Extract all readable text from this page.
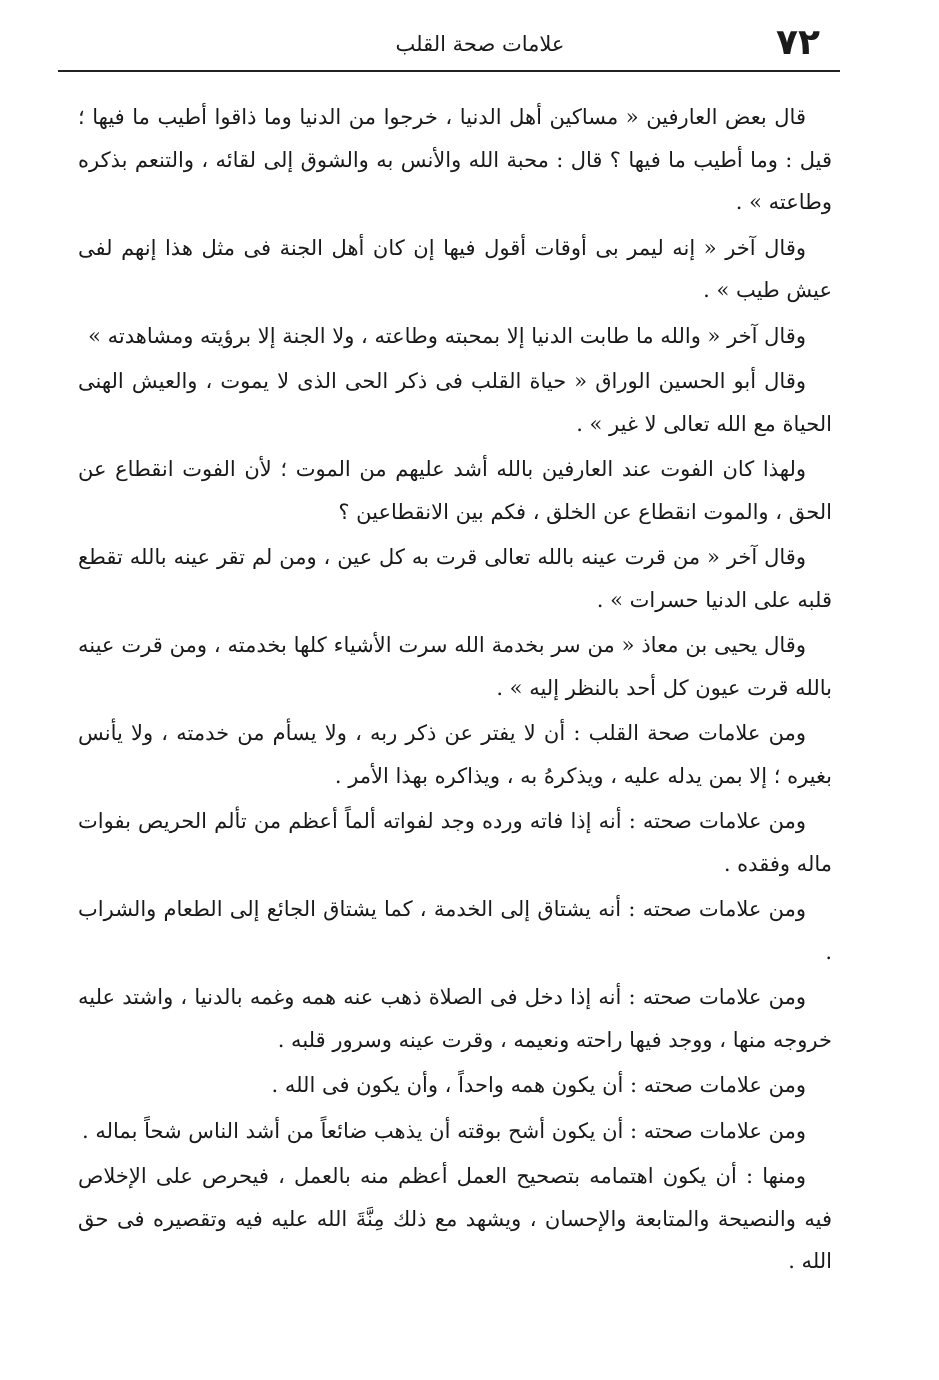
٧٢
علامات صحة القلب

قال بعض العارفين « مساكين أهل الدنيا ، خرجوا من الدنيا وما ذاقوا أطيب ما فيها ؛ قيل : وما أطيب ما فيها ؟ قال : محبة الله والأنس به والشوق إلى لقائه ، والتنعم بذكره وطاعته » .

وقال آخر « إنه ليمر بى أوقات أقول فيها إن كان أهل الجنة فى مثل هذا إنهم لفى عيش طيب » .

وقال آخر « والله ما طابت الدنيا إلا بمحبته وطاعته ، ولا الجنة إلا برؤيته ومشاهدته »

وقال أبو الحسين الوراق « حياة القلب فى ذكر الحى الذى لا يموت ، والعيش الهنى الحياة مع الله تعالى لا غير » .

ولهذا كان الفوت عند العارفين بالله أشد عليهم من الموت ؛ لأن الفوت انقطاع عن الحق ، والموت انقطاع عن الخلق ، فكم بين الانقطاعين ؟

وقال آخر « من قرت عينه بالله تعالى قرت به كل عين ، ومن لم تقر عينه بالله تقطع قلبه على الدنيا حسرات » .

وقال يحيى بن معاذ « من سر بخدمة الله سرت الأشياء كلها بخدمته ، ومن قرت عينه بالله قرت عيون كل أحد بالنظر إليه » .

ومن علامات صحة القلب : أن لا يفتر عن ذكر ربه ، ولا يسأم من خدمته ، ولا يأنس بغيره ؛ إلا بمن يدله عليه ، ويذكرهُ به ، ويذاكره بهذا الأمر .

ومن علامات صحته : أنه إذا فاته ورده وجد لفواته ألماً أعظم من تألم الحريص بفوات ماله وفقده .

ومن علامات صحته : أنه يشتاق إلى الخدمة ، كما يشتاق الجائع إلى الطعام والشراب .

ومن علامات صحته : أنه إذا دخل فى الصلاة ذهب عنه همه وغمه بالدنيا ، واشتد عليه خروجه منها ، ووجد فيها راحته ونعيمه ، وقرت عينه وسرور قلبه .

ومن علامات صحته : أن يكون همه واحداً ، وأن يكون فى الله .

ومن علامات صحته : أن يكون أشح بوقته أن يذهب ضائعاً من أشد الناس شحاً بماله .

ومنها : أن يكون اهتمامه بتصحيح العمل أعظم منه بالعمل ، فيحرص على الإخلاص فيه والنصيحة والمتابعة والإحسان ، ويشهد مع ذلك مِنَّةَ الله عليه فيه وتقصيره فى حق الله .
